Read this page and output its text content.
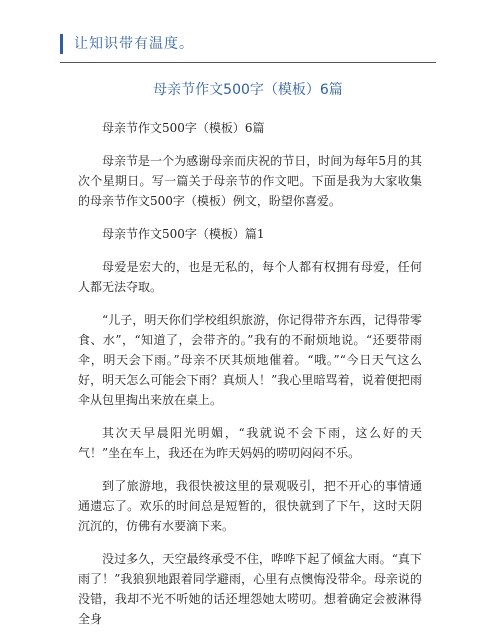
让知识带有温度。
母亲节作文500字（模板）6篇

母亲节作文500字（模板）6篇

母亲节是一个为感谢母亲而庆祝的节日，时间为每年5月的其次个星期日。写一篇关于母亲节的作文吧。下面是我为大家收集的母亲节作文500字（模板）例文，盼望你喜爱。

母亲节作文500字（模板）篇1

母爱是宏大的，也是无私的，每个人都有权拥有母爱，任何人都无法夺取。

“儿子，明天你们学校组织旅游，你记得带齐东西，记得带零食、水”，“知道了，会带齐的。”我有的不耐烦地说。“还要带雨伞，明天会下雨。”母亲不厌其烦地催着。“哦。”“今日天气这么好，明天怎么可能会下雨？真烦人！”我心里暗骂着，说着便把雨伞从包里掏出来放在桌上。

其次天早晨阳光明媚，“我就说不会下雨，这么好的天气！”坐在车上，我还在为昨天妈妈的唠叨闷闷不乐。

到了旅游地，我很快被这里的景观吸引，把不开心的事情通通遗忘了。欢乐的时间总是短暂的，很快就到了下午，这时天阴沉沉的，仿佛有水要滴下来。

没过多久，天空最终承受不住，哗哗下起了倾盆大雨。“真下雨了！”我狼狈地跟着同学避雨，心里有点懊悔没带伞。母亲说的没错，我却不光不听她的话还埋怨她太唠叨。想着确定会被淋得全身
